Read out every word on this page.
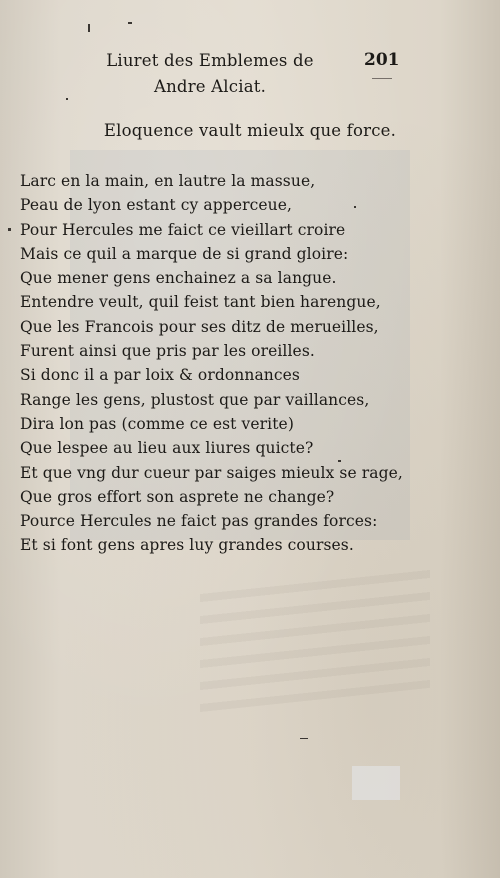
Liuret des Emblemes de
Andre Alciat.
201
Eloquence vault mieulx que force.
Larc en la main, en lautre la massue,
Peau de lyon estant cy apperceue,
Pour Hercules me faict ce vieillart croire
Mais ce quil a marque de si grand gloire:
Que mener gens enchainez a sa langue.
Entendre veult, quil feist tant bien harengue,
Que les Francois pour ses ditz de merueilles,
Furent ainsi que pris par les oreilles.
Si donc il a par loix & ordonnances
Range les gens, plustost que par vaillances,
Dira lon pas (comme ce est verite)
Que lespee au lieu aux liures quicte?
Et que vng dur cueur par saiges mieulx se rage,
Que gros effort son asprete ne change?
Pource Hercules ne faict pas grandes forces:
Et si font gens apres luy grandes courses.
